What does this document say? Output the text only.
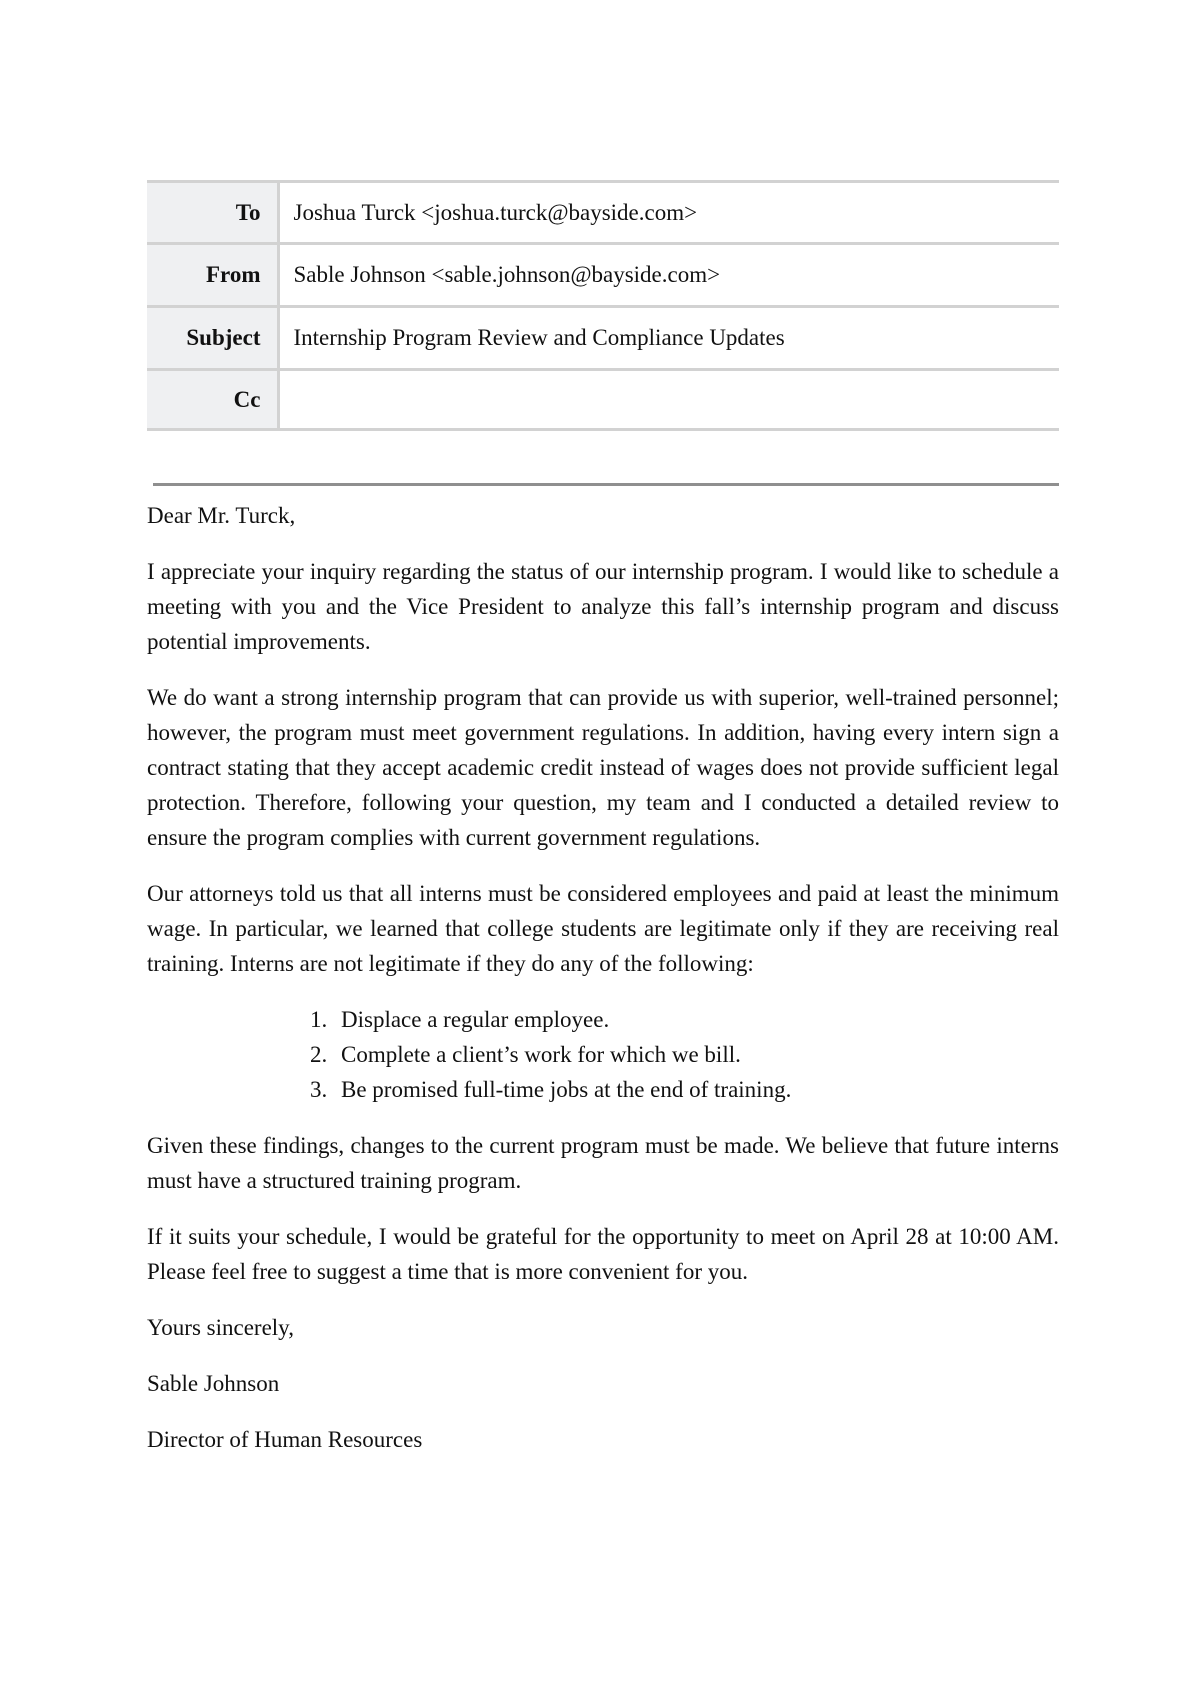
To	Joshua Turck <joshua.turck@bayside.com>
From	Sable Johnson <sable.johnson@bayside.com>
Subject	Internship Program Review and Compliance Updates
Cc	

Dear Mr. Turck,

I appreciate your inquiry regarding the status of our internship program. I would like to schedule a meeting with you and the Vice President to analyze this fall’s internship program and discuss potential improvements.

We do want a strong internship program that can provide us with superior, well-trained personnel; however, the program must meet government regulations. In addition, having every intern sign a contract stating that they accept academic credit instead of wages does not provide sufficient legal protection. Therefore, following your question, my team and I conducted a detailed review to ensure the program complies with current government regulations.

Our attorneys told us that all interns must be considered employees and paid at least the minimum wage. In particular, we learned that college students are legitimate only if they are receiving real training. Interns are not legitimate if they do any of the following:

1. Displace a regular employee.
2. Complete a client’s work for which we bill.
3. Be promised full-time jobs at the end of training.

Given these findings, changes to the current program must be made. We believe that future interns must have a structured training program.

If it suits your schedule, I would be grateful for the opportunity to meet on April 28 at 10:00 AM. Please feel free to suggest a time that is more convenient for you.

Yours sincerely,

Sable Johnson

Director of Human Resources
